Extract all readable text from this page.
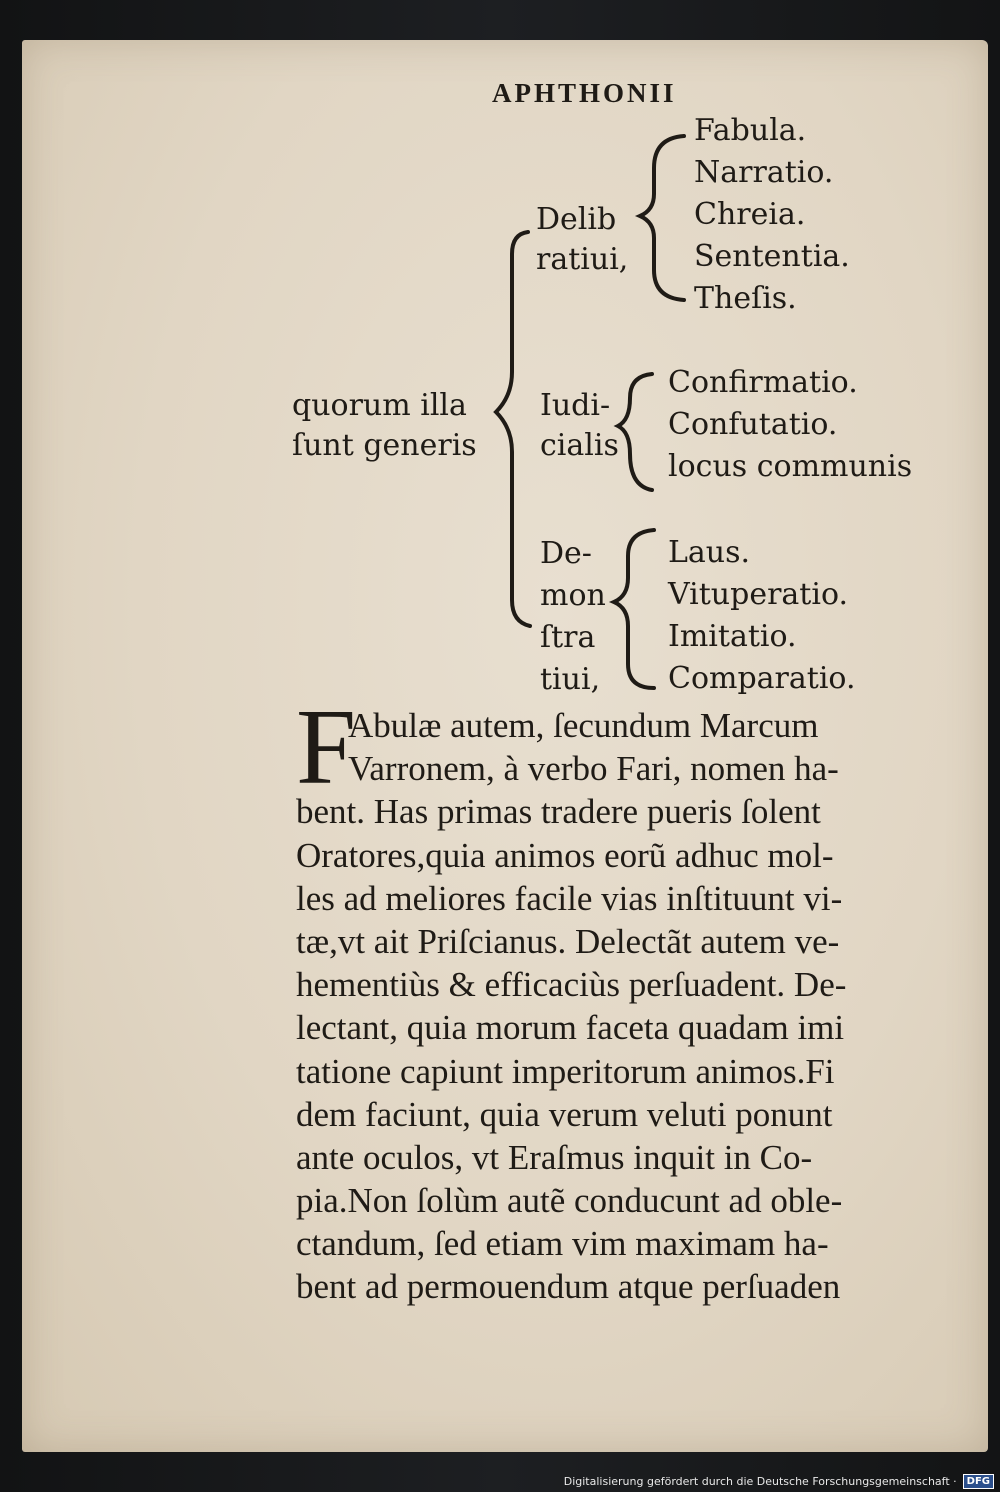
APHTHONII
quorum illa
ſunt generis
Delib
ratiui,
Fabula.
Narratio.
Chreia.
Sententia.
Theſis.
Iudi-
cialis
Confirmatio.
Confutatio.
locus communis
De-
mon
ſtra
tiui,
Laus.
Vituperatio.
Imitatio.
Comparatio.
F
Abulæ autem, ſecundum Marcum
Varronem, à verbo Fari, nomen ha-
bent. Has primas tradere pueris ſolent
Oratores,quia animos eorũ adhuc mol-
les ad meliores facile vias inſtituunt vi-
tæ,vt ait Priſcianus. Delectãt autem ve-
hementiùs & efficaciùs perſuadent. De-
lectant, quia morum faceta quadam imi
tatione capiunt imperitorum animos.Fi
dem faciunt, quia verum veluti ponunt
ante oculos, vt Eraſmus inquit in Co-
pia.Non ſolùm autẽ conducunt ad oble-
ctandum, ſed etiam vim maximam ha-
bent ad permouendum atque perſuaden
Digitalisierung gefördert durch die Deutsche Forschungsgemeinschaft ·	DFG
